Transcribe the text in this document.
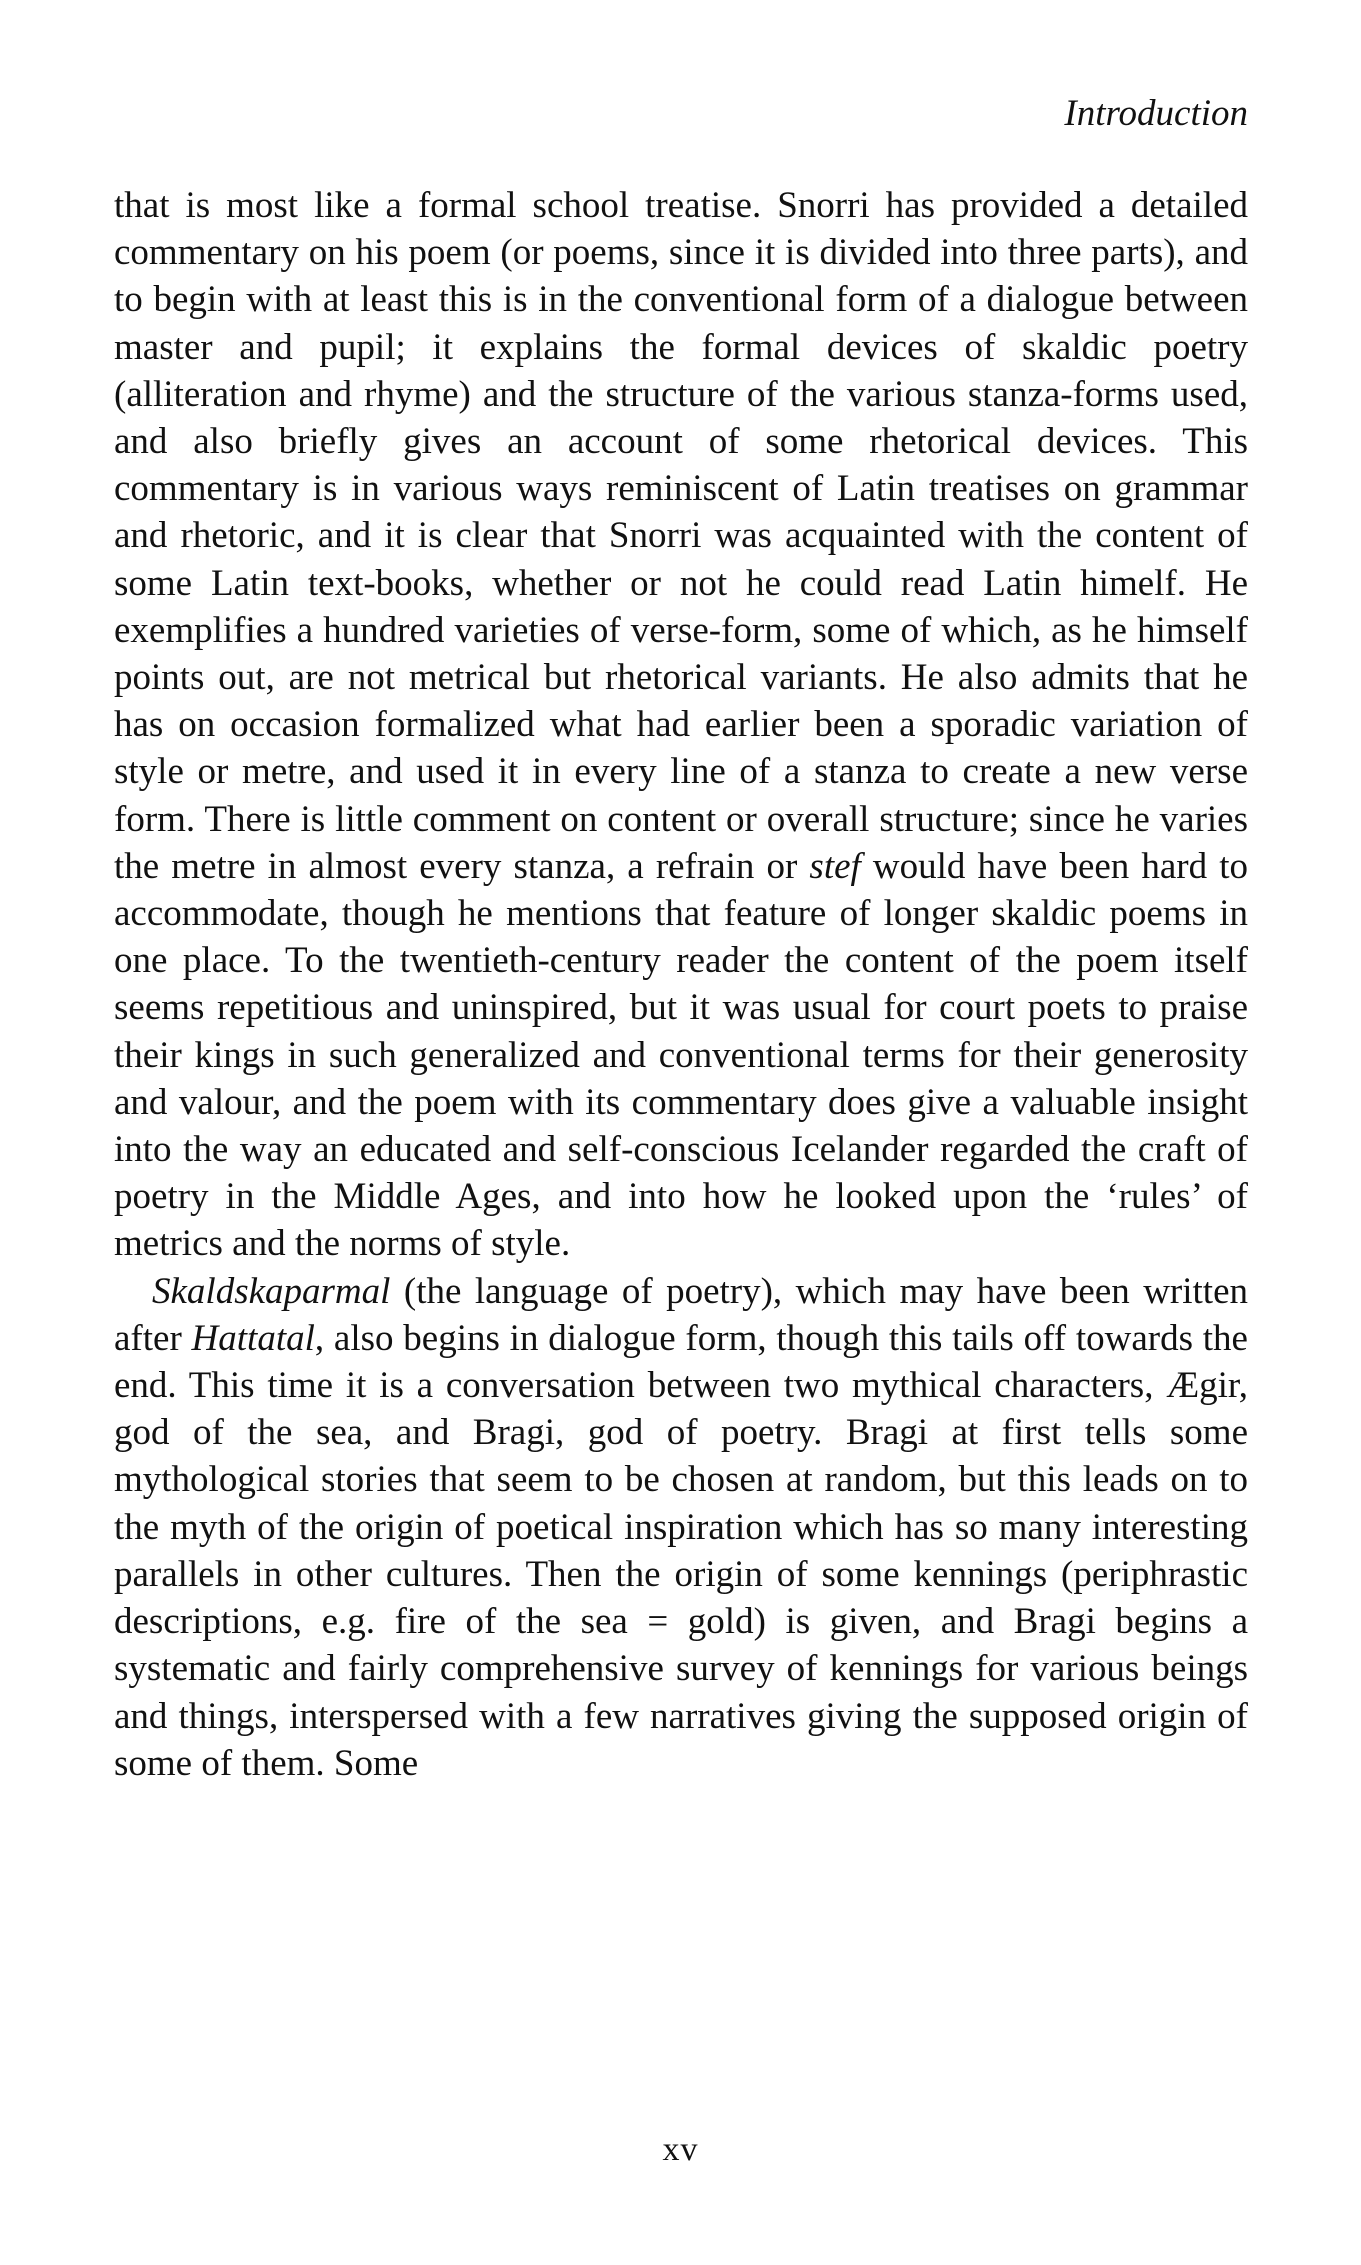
Introduction

that is most like a formal school treatise. Snorri has provided a detailed commentary on his poem (or poems, since it is divided into three parts), and to begin with at least this is in the conventional form of a dialogue between master and pupil; it explains the formal devices of skaldic poetry (alliteration and rhyme) and the structure of the various stanza-forms used, and also briefly gives an account of some rhetorical devices. This commentary is in various ways reminiscent of Latin treatises on grammar and rhetoric, and it is clear that Snorri was acquainted with the content of some Latin text-books, whether or not he could read Latin himelf. He exemplifies a hundred varieties of verse-form, some of which, as he himself points out, are not metrical but rhetorical variants. He also admits that he has on occasion formalized what had earlier been a sporadic variation of style or metre, and used it in every line of a stanza to create a new verse form. There is little comment on content or overall structure; since he varies the metre in almost every stanza, a refrain or stef would have been hard to accommodate, though he mentions that feature of longer skaldic poems in one place. To the twentieth-century reader the content of the poem itself seems repetitious and uninspired, but it was usual for court poets to praise their kings in such generalized and conventional terms for their generosity and valour, and the poem with its commentary does give a valuable insight into the way an educated and self-conscious Icelander regarded the craft of poetry in the Middle Ages, and into how he looked upon the ‘rules’ of metrics and the norms of style.

Skaldskaparmal (the language of poetry), which may have been written after Hattatal, also begins in dialogue form, though this tails off towards the end. This time it is a conversation between two mythical characters, Ægir, god of the sea, and Bragi, god of poetry. Bragi at first tells some mythological stories that seem to be chosen at random, but this leads on to the myth of the origin of poetical inspiration which has so many interesting parallels in other cultures. Then the origin of some kennings (periphrastic descriptions, e.g. fire of the sea = gold) is given, and Bragi begins a systematic and fairly comprehensive survey of kennings for various beings and things, interspersed with a few narratives giving the supposed origin of some of them. Some

xv
